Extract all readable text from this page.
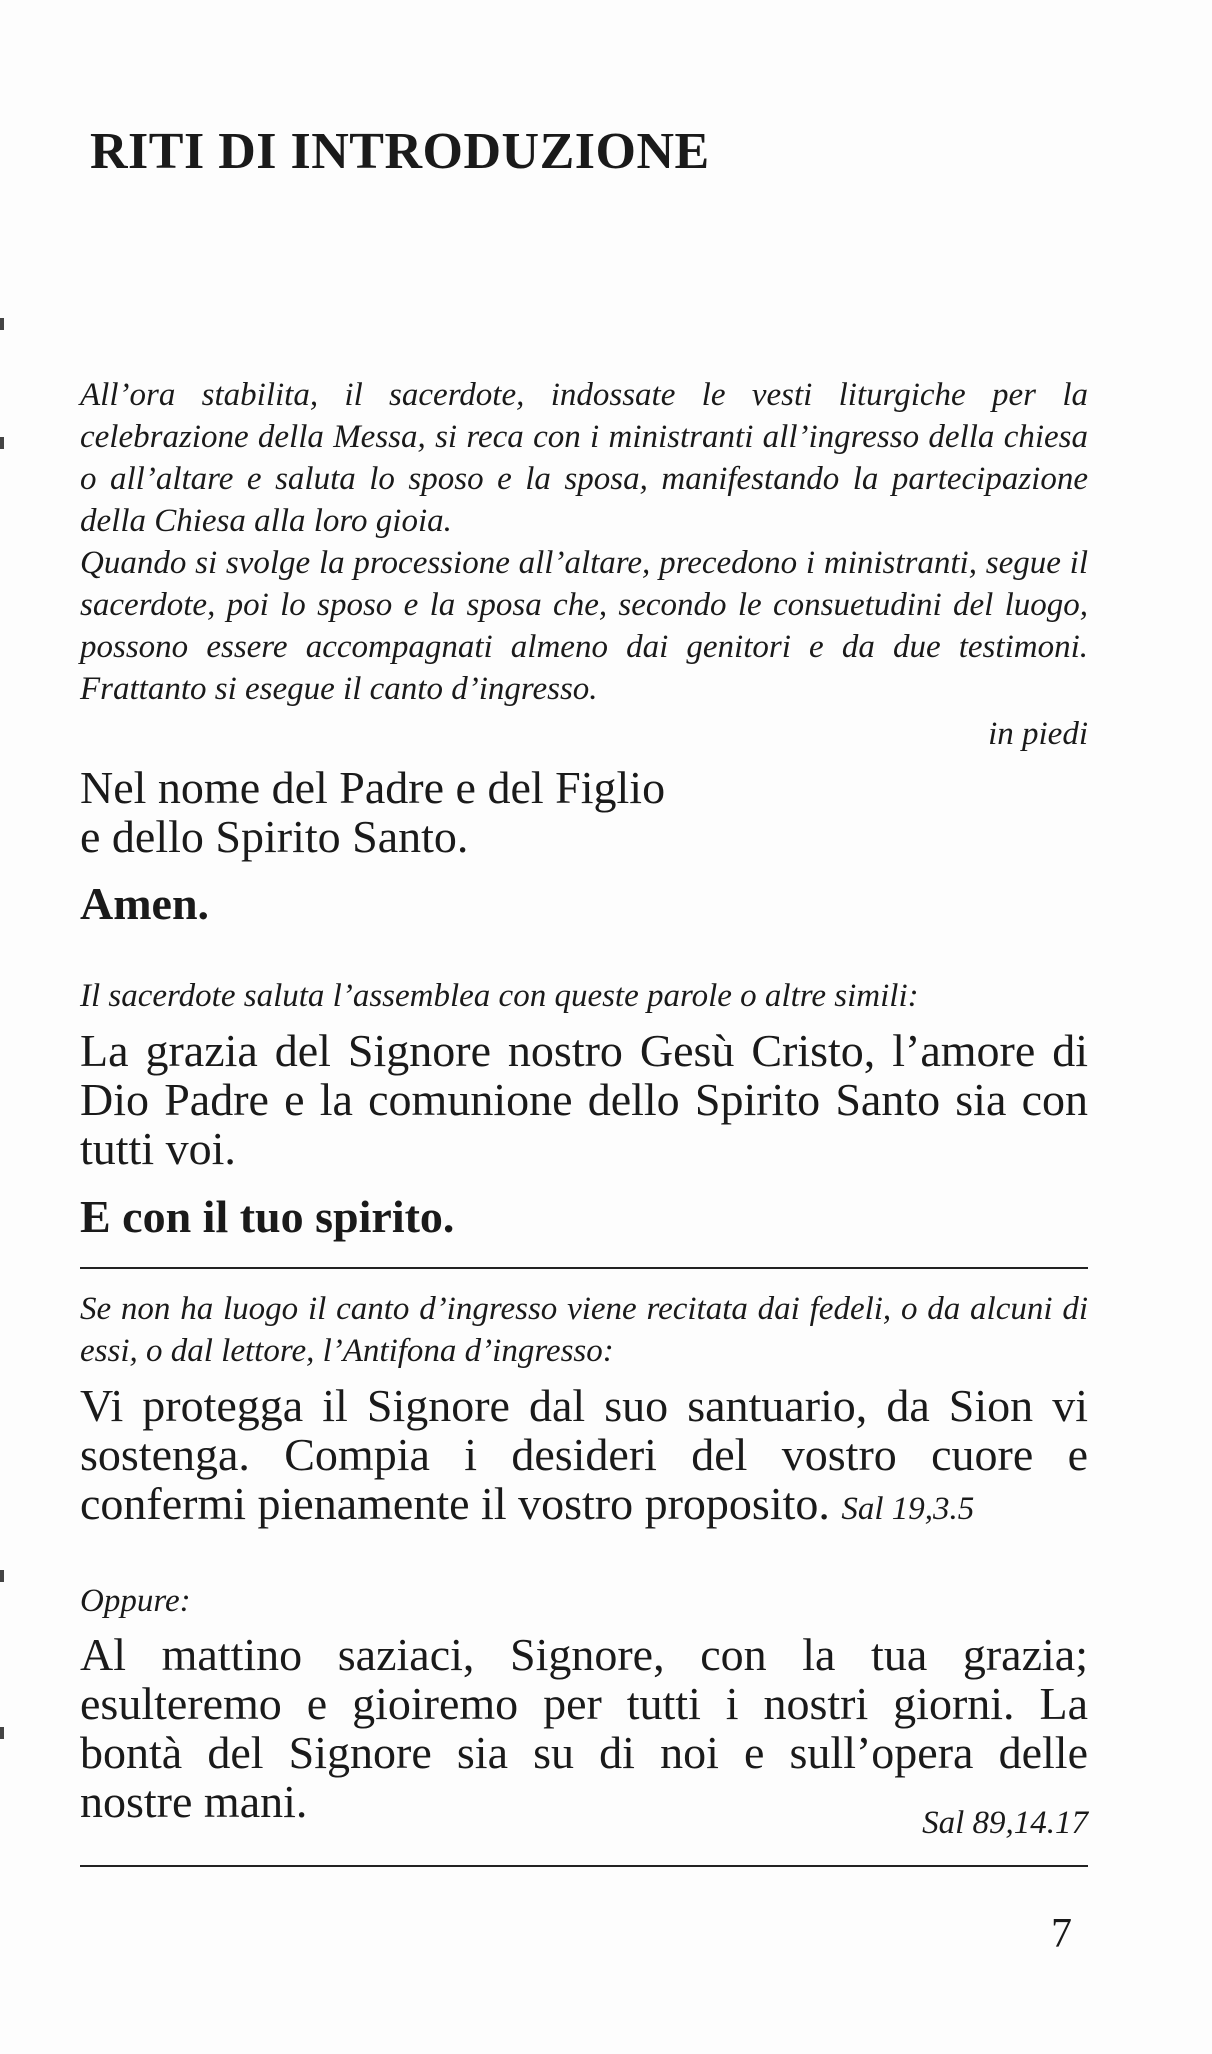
RITI DI INTRODUZIONE

All’ora stabilita, il sacerdote, indossate le vesti liturgiche per la celebrazione della Messa, si reca con i ministranti all’ingresso della chiesa o all’altare e saluta lo sposo e la sposa, manifestando la partecipazione della Chiesa alla loro gioia.

Quando si svolge la processione all’altare, precedono i ministranti, segue il sacerdote, poi lo sposo e la sposa che, secondo le consuetudini del luogo, possono essere accompagnati almeno dai genitori e da due testimoni. Frattanto si esegue il canto d’ingresso.

in piedi

Nel nome del Padre e del Figlio
e dello Spirito Santo.

Amen.

Il sacerdote saluta l’assemblea con queste parole o altre simili:

La grazia del Signore nostro Gesù Cristo, l’amore di Dio Padre e la comunione dello Spirito Santo sia con tutti voi.

E con il tuo spirito.

Se non ha luogo il canto d’ingresso viene recitata dai fedeli, o da alcuni di essi, o dal lettore, l’Antifona d’ingresso:

Vi protegga il Signore dal suo santuario, da Sion vi sostenga. Compia i desideri del vostro cuore e confermi pienamente il vostro proposito. Sal 19,3.5

Oppure:

Al mattino saziaci, Signore, con la tua grazia; esulteremo e gioiremo per tutti i nostri giorni. La bontà del Signore sia su di noi e sull’opera delle nostre mani.	Sal 89,14.17

7
